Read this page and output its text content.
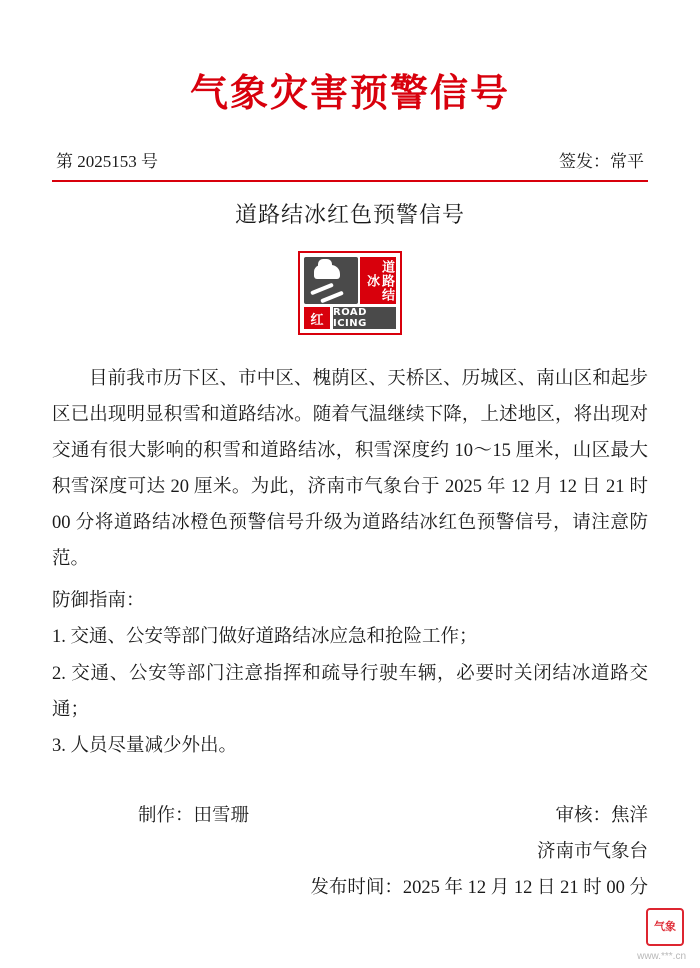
气象灾害预警信号
第 2025153 号	签发：常平
道路结冰红色预警信号
道路结冰
红 ROAD ICING
目前我市历下区、市中区、槐荫区、天桥区、历城区、南山区和起步区已出现明显积雪和道路结冰。随着气温继续下降，上述地区，将出现对交通有很大影响的积雪和道路结冰，积雪深度约 10～15 厘米，山区最大积雪深度可达 20 厘米。为此，济南市气象台于 2025 年 12 月 12 日 21 时 00 分将道路结冰橙色预警信号升级为道路结冰红色预警信号，请注意防范。
防御指南：
1. 交通、公安等部门做好道路结冰应急和抢险工作；
2. 交通、公安等部门注意指挥和疏导行驶车辆，必要时关闭结冰道路交通；
3. 人员尽量减少外出。
制作：田雪珊	审核：焦洋
济南市气象台
发布时间：2025 年 12 月 12 日 21 时 00 分
气象
www.***.cn
